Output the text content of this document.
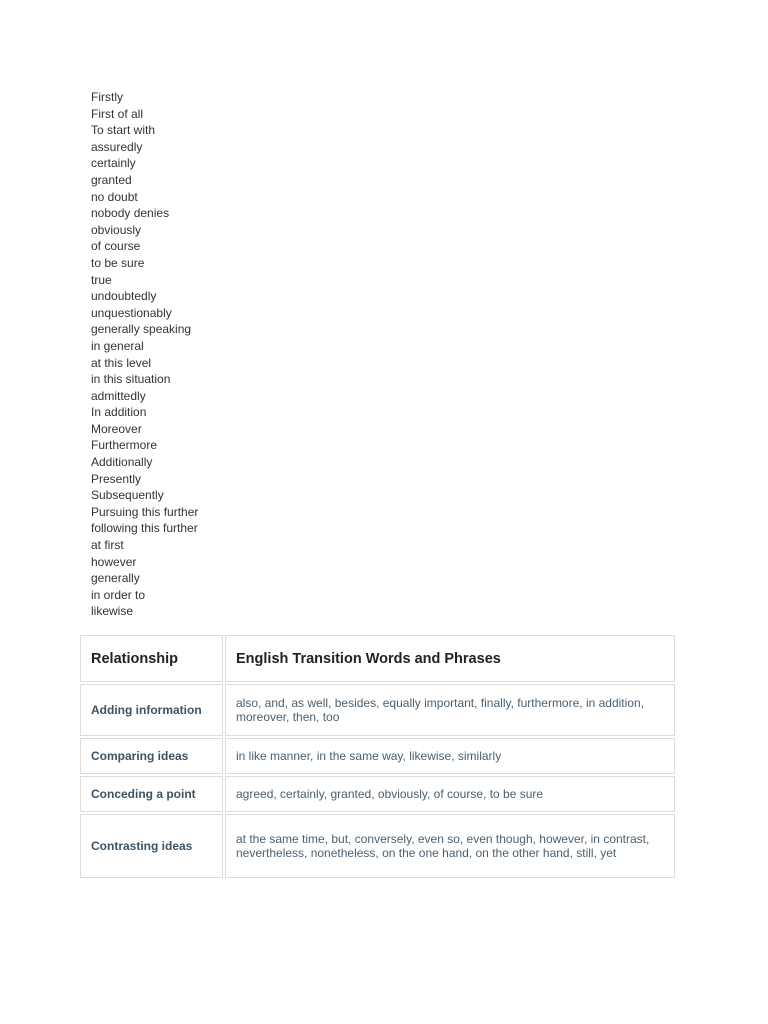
Firstly
First of all
To start with
assuredly
certainly
granted
no doubt
nobody denies
obviously
of course
to be sure
true
undoubtedly
unquestionably
generally speaking
in general
at this level
in this situation
admittedly
In addition
Moreover
Furthermore
Additionally
Presently
Subsequently
Pursuing this further
following this further
at first
however
generally
in order to
likewise
Relationship	English Transition Words and Phrases
Adding information	also, and, as well, besides, equally important, finally, furthermore, in addition, moreover, then, too
Comparing ideas	in like manner, in the same way, likewise, similarly
Conceding a point	agreed, certainly, granted, obviously, of course, to be sure
Contrasting ideas	at the same time, but, conversely, even so, even though, however, in contrast, nevertheless, nonetheless, on the one hand, on the other hand, still, yet
